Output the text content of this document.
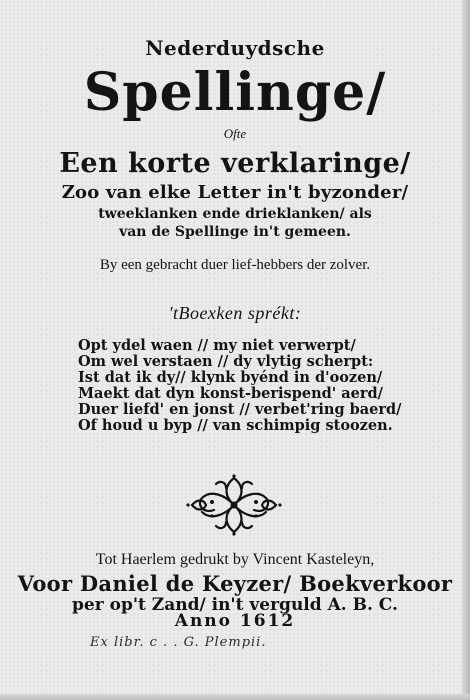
Nederduydsche
Spellinge/
Ofte
Een korte verklaringe/
Zoo van elke Letter in't byzonder/
tweeklanken ende drieklanken/ als
van de Spellinge in't gemeen.
By een gebracht duer lief-hebbers der zolver.
'tBoexken sprékt:
Opt ydel waen // my niet verwerpt/
Om wel verstaen // dy vlytig scherpt:
Ist dat ik dy// klynk byénd in d'oozen/
Maekt dat dyn konst-berispend' aerd/
Duer liefd' en jonst // verbet'ring baerd/
Of houd u byp // van schimpig stoozen.
Tot Haerlem gedrukt by Vincent Kasteleyn,
Voor Daniel de Keyzer/ Boekverkoor
per op't Zand/ in't verguld A. B. C.
Anno 1612
Ex libr. c . . G. Plempii.
